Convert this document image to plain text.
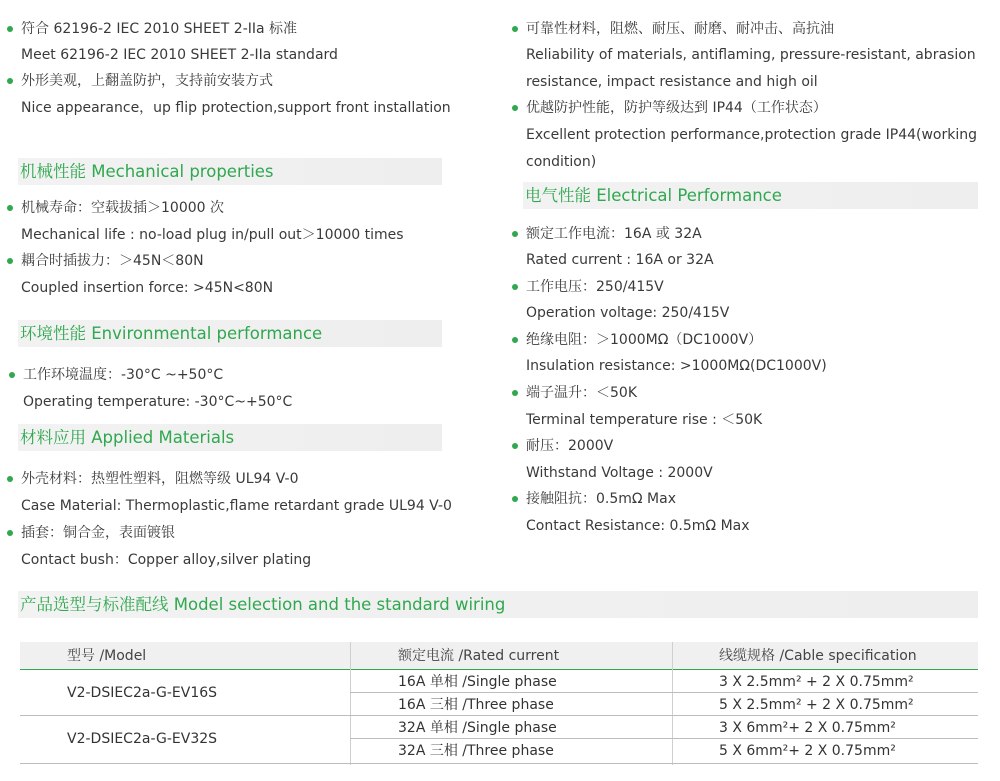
符合 62196-2 IEC 2010 SHEET 2-IIa 标准
Meet 62196-2 IEC 2010 SHEET 2-IIa standard
外形美观，上翻盖防护，支持前安装方式
Nice appearance，up flip protection,support front installation
机械性能 Mechanical properties
机械寿命：空载拔插＞10000 次
Mechanical life : no-load plug in/pull out＞10000 times
耦合时插拔力：＞45N＜80N
Coupled insertion force: >45N<80N
环境性能 Environmental performance
工作环境温度：-30°C ~+50°C
Operating temperature: -30°C~+50°C
材料应用 Applied Materials
外壳材料：热塑性塑料，阻燃等级 UL94 V-0
Case Material: Thermoplastic,flame retardant grade UL94 V-0
插套：铜合金，表面镀银
Contact bush：Copper alloy,silver plating
可靠性材料，阻燃、耐压、耐磨、耐冲击、高抗油
Reliability of materials, antiflaming, pressure-resistant, abrasion
resistance, impact resistance and high oil
优越防护性能，防护等级达到 IP44（工作状态）
Excellent protection performance,protection grade IP44(working
condition)
电气性能 Electrical Performance
额定工作电流：16A 或 32A
Rated current : 16A or 32A
工作电压：250/415V
Operation voltage: 250/415V
绝缘电阻：＞1000MΩ（DC1000V）
Insulation resistance: >1000MΩ(DC1000V)
端子温升：＜50K
Terminal temperature rise : ＜50K
耐压：2000V
Withstand Voltage : 2000V
接触阻抗：0.5mΩ Max
Contact Resistance: 0.5mΩ Max
产品选型与标准配线 Model selection and the standard wiring
型号 /Model	额定电流 /Rated current	线缆规格 /Cable specification
V2-DSIEC2a-G-EV16S
16A 单相 /Single phase	3 X 2.5mm² + 2 X 0.75mm²
16A 三相 /Three phase	5 X 2.5mm² + 2 X 0.75mm²
V2-DSIEC2a-G-EV32S
32A 单相 /Single phase	3 X 6mm²+ 2 X 0.75mm²
32A 三相 /Three phase	5 X 6mm²+ 2 X 0.75mm²
